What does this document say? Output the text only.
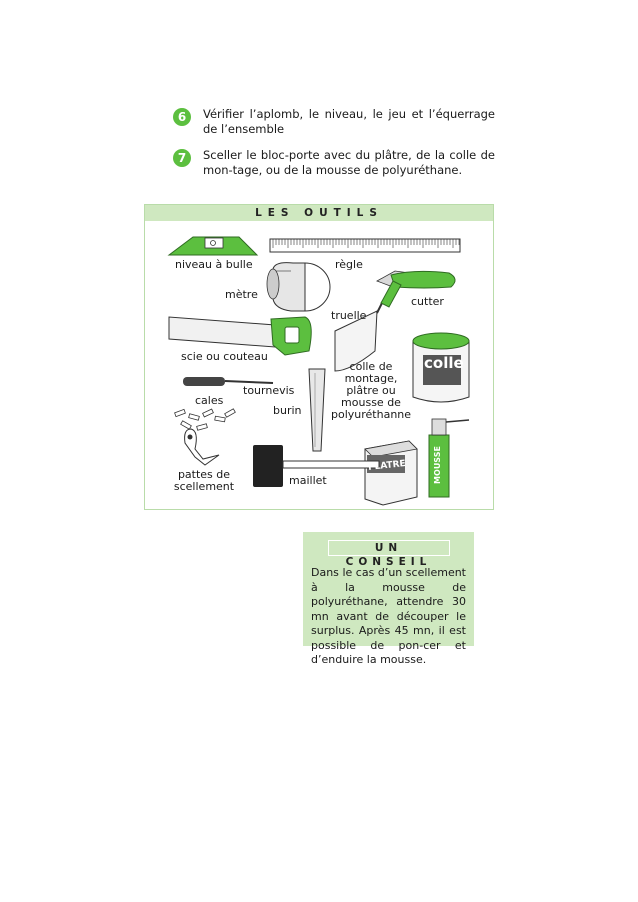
6	Vérifier l’aplomb, le niveau, le jeu et l’équerrage de l’ensemble
7	Sceller le bloc-porte avec du plâtre, de la colle de mon-tage, ou de la mousse de polyuréthane.
LES OUTILS
colle
PLATRE	MOUSSE
niveau à bulle	règle
mètre
cutter
truelle
scie ou couteau
colle de montage, plâtre ou mousse de polyuréthanne
tournevis
cales
burin
pattes de scellement	maillet
UN CONSEIL
Dans le cas d’un scellement à la mousse de polyuréthane, attendre 30 mn avant de découper le surplus. Après 45 mn, il est possible de pon-cer et d’enduire la mousse.
